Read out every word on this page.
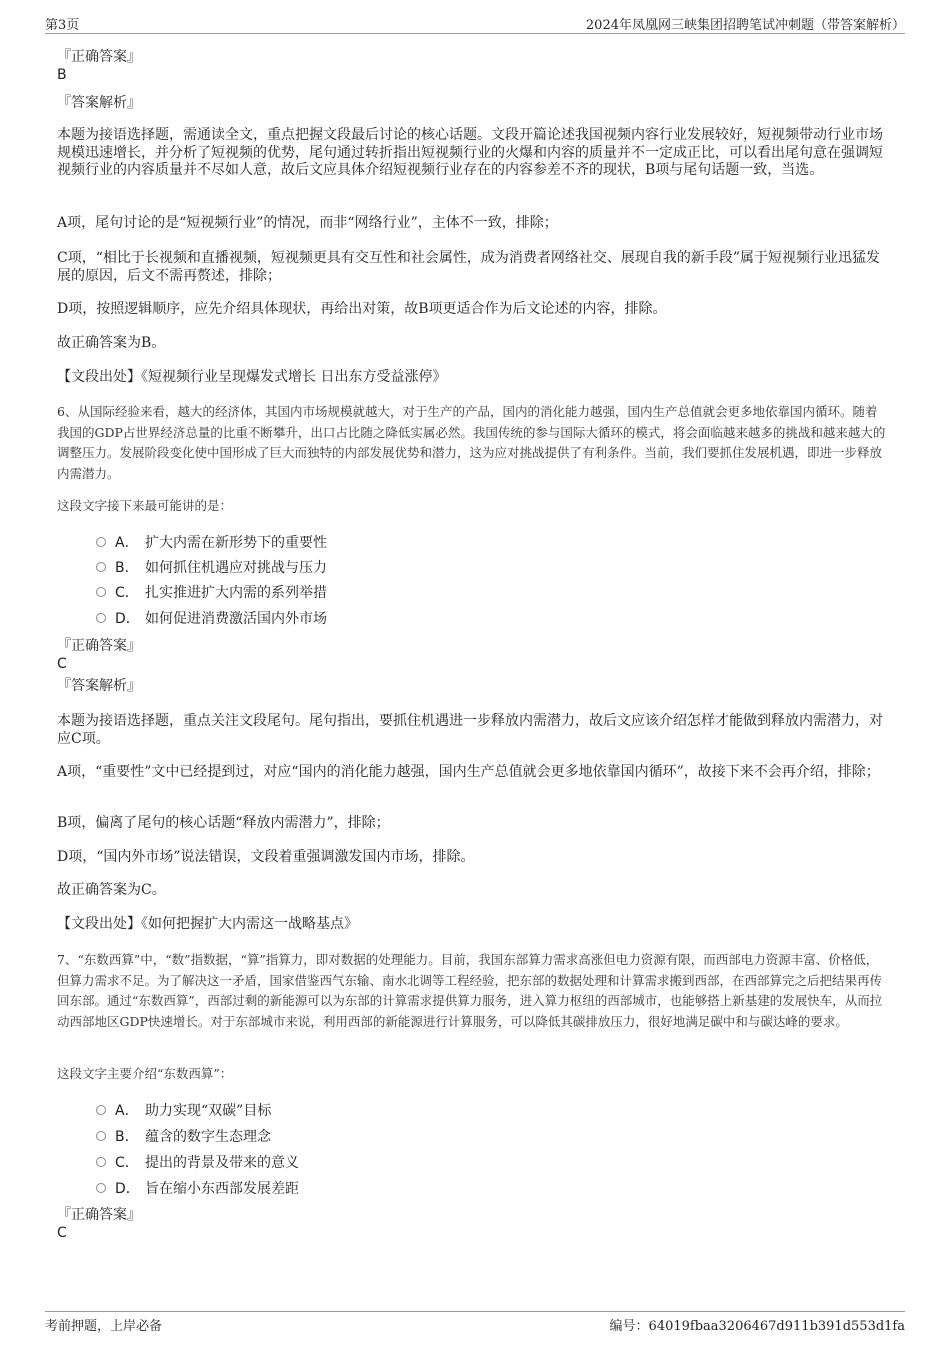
第3页	2024年凤凰网三峡集团招聘笔试冲刺题（带答案解析）
『正确答案』
B
『答案解析』
本题为接语选择题，需通读全文，重点把握文段最后讨论的核心话题。文段开篇论述我国视频内容行业发展较好，短视频带动行业市场规模迅速增长，并分析了短视频的优势，尾句通过转折指出短视频行业的火爆和内容的质量并不一定成正比，可以看出尾句意在强调短视频行业的内容质量并不尽如人意，故后文应具体介绍短视频行业存在的内容参差不齐的现状，B项与尾句话题一致，当选。
A项，尾句讨论的是“短视频行业”的情况，而非“网络行业”，主体不一致，排除；
C项，“相比于长视频和直播视频，短视频更具有交互性和社会属性，成为消费者网络社交、展现自我的新手段”属于短视频行业迅猛发展的原因，后文不需再赘述，排除；
D项，按照逻辑顺序，应先介绍具体现状，再给出对策，故B项更适合作为后文论述的内容，排除。
故正确答案为B。
【文段出处】《短视频行业呈现爆发式增长 日出东方受益涨停》
6、从国际经验来看，越大的经济体，其国内市场规模就越大，对于生产的产品，国内的消化能力越强，国内生产总值就会更多地依靠国内循环。随着我国的GDP占世界经济总量的比重不断攀升，出口占比随之降低实属必然。我国传统的参与国际大循环的模式，将会面临越来越多的挑战和越来越大的调整压力。发展阶段变化使中国形成了巨大而独特的内部发展优势和潜力，这为应对挑战提供了有利条件。当前，我们要抓住发展机遇，即进一步释放内需潜力。
这段文字接下来最可能讲的是：
A． 扩大内需在新形势下的重要性
B． 如何抓住机遇应对挑战与压力
C． 扎实推进扩大内需的系列举措
D． 如何促进消费激活国内外市场
『正确答案』
C
『答案解析』
本题为接语选择题，重点关注文段尾句。尾句指出，要抓住机遇进一步释放内需潜力，故后文应该介绍怎样才能做到释放内需潜力，对应C项。
A项，“重要性”文中已经提到过，对应“国内的消化能力越强，国内生产总值就会更多地依靠国内循环”，故接下来不会再介绍，排除；
B项，偏离了尾句的核心话题“释放内需潜力”，排除；
D项，“国内外市场”说法错误，文段着重强调激发国内市场，排除。
故正确答案为C。
【文段出处】《如何把握扩大内需这一战略基点》
7、“东数西算”中，“数”指数据，“算”指算力，即对数据的处理能力。目前，我国东部算力需求高涨但电力资源有限，而西部电力资源丰富、价格低，但算力需求不足。为了解决这一矛盾，国家借鉴西气东输、南水北调等工程经验，把东部的数据处理和计算需求搬到西部，在西部算完之后把结果再传回东部。通过“东数西算”，西部过剩的新能源可以为东部的计算需求提供算力服务，进入算力枢纽的西部城市，也能够搭上新基建的发展快车，从而拉动西部地区GDP快速增长。对于东部城市来说，利用西部的新能源进行计算服务，可以降低其碳排放压力，很好地满足碳中和与碳达峰的要求。
这段文字主要介绍“东数西算”：
A． 助力实现“双碳”目标
B． 蕴含的数字生态理念
C． 提出的背景及带来的意义
D． 旨在缩小东西部发展差距
『正确答案』
C
考前押题，上岸必备	编号：64019fbaa3206467d911b391d553d1fa
